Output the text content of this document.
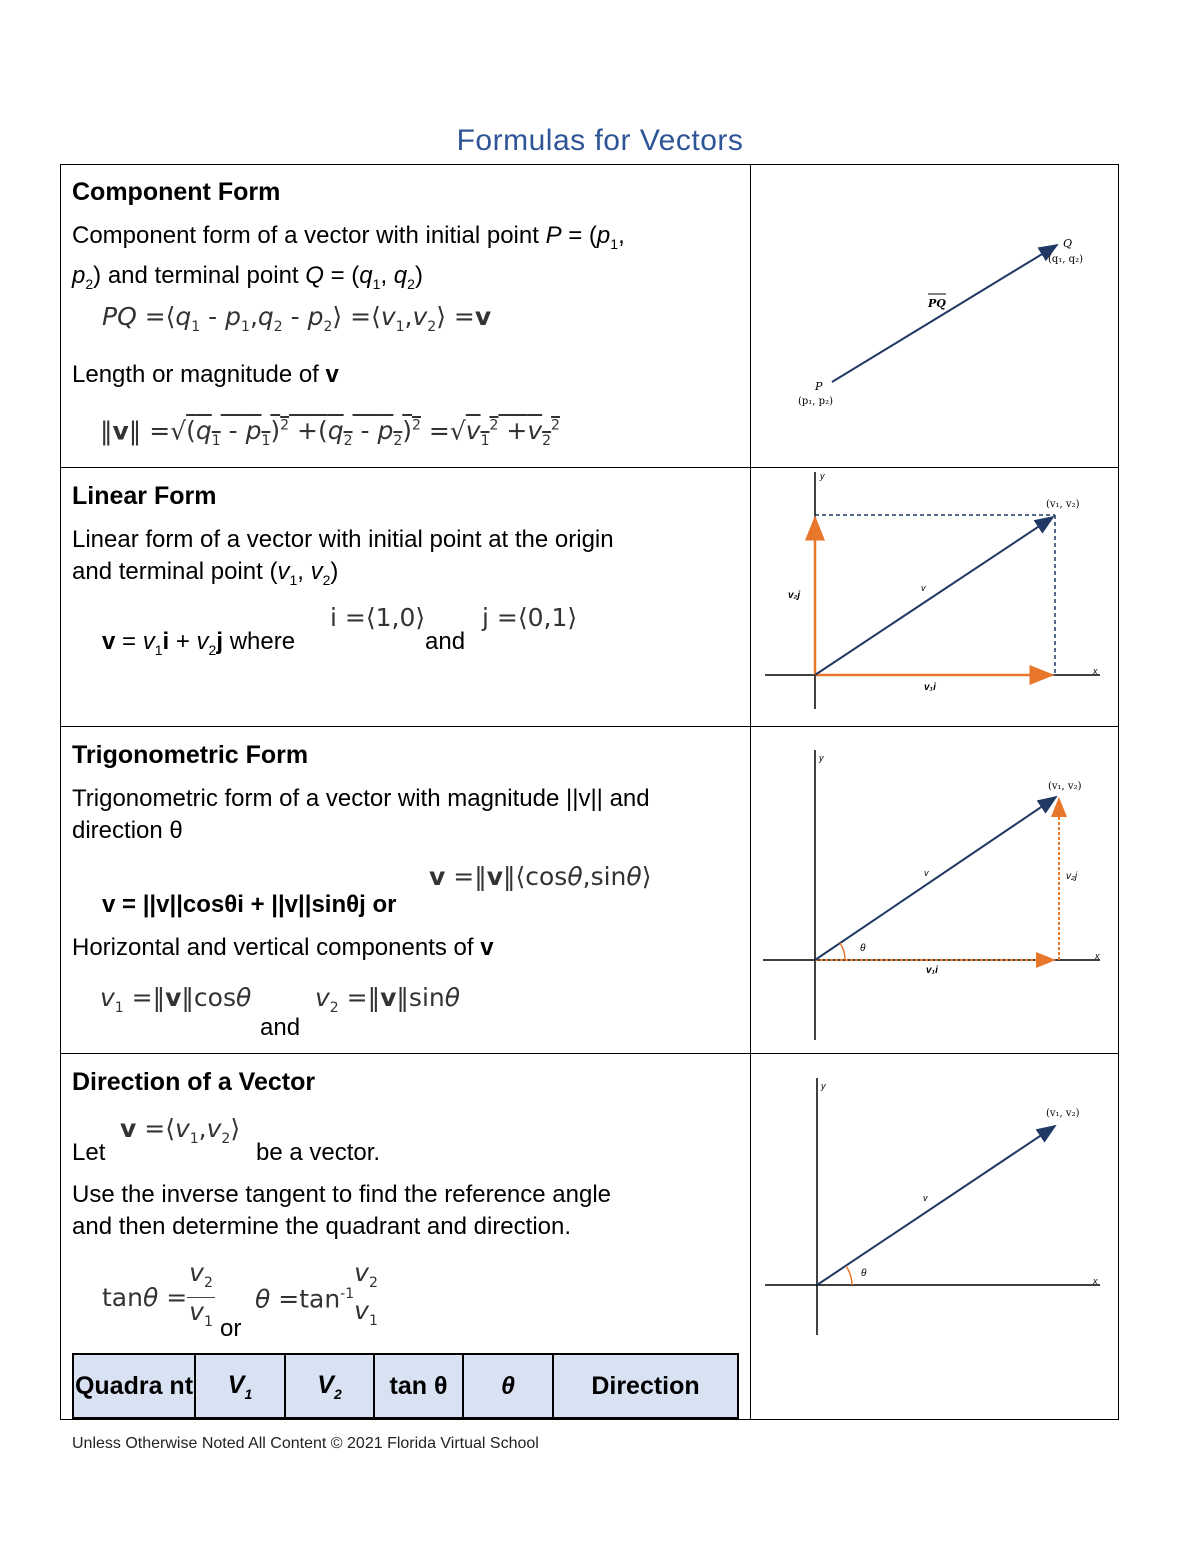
Formulas for Vectors
Component Form
Component form of a vector with initial point $P = (p_1$,
$p_2$) and terminal point $Q = (q_1$, $q_2$)
PQ $=⟨q_1 - p_1,q_2$ - $p_2⟩$ $=⟨v_1,v_2⟩ =v$
Length or magnitude of v
‖v‖ $=√(q_1 - p_1)^2 +(q_2 - p_2)^2 =√v_1^2 +v_2^2$
Linear Form
Linear form of a vector with initial point at the origin
and terminal point ($v_1$, $v_2$)
$v = v_1i + v_2j$ where
i =⟨1,0⟩
and
j =⟨0,1⟩
Trigonometric Form
Trigonometric form of a vector with magnitude ||v|| and
direction θ
v =‖v‖⟨cosθ,sinθ⟩
v = ||v||cosθi + ||v||sinθj or
Horizontal and vertical components of v
$v_1$ =‖v‖cosθ	$v_2$ =‖v‖sinθ
and
Direction of a Vector
Let
$v =⟨v_1,v_2⟩$
be a vector.
Use the inverse tangent to find the reference angle
and then determine the quadrant and direction.
$\tan\theta =v_2$
$v_1$
$\theta =\tan^{-1}v_2$
$v_1$
or
Quadra nt	$V_1$	$V_2$	tan θ	θ	Direction
Q
(q₁, q₂)
PQ
P
(p₁, p₂)
y
x
(v₁, v₂)
v
v₂j
v₁i
y
x
θ
(v₁, v₂)
v	v₂j
v₁i
y
x
θ
(v₁, v₂)
v
Unless Otherwise Noted All Content © 2021 Florida Virtual School
